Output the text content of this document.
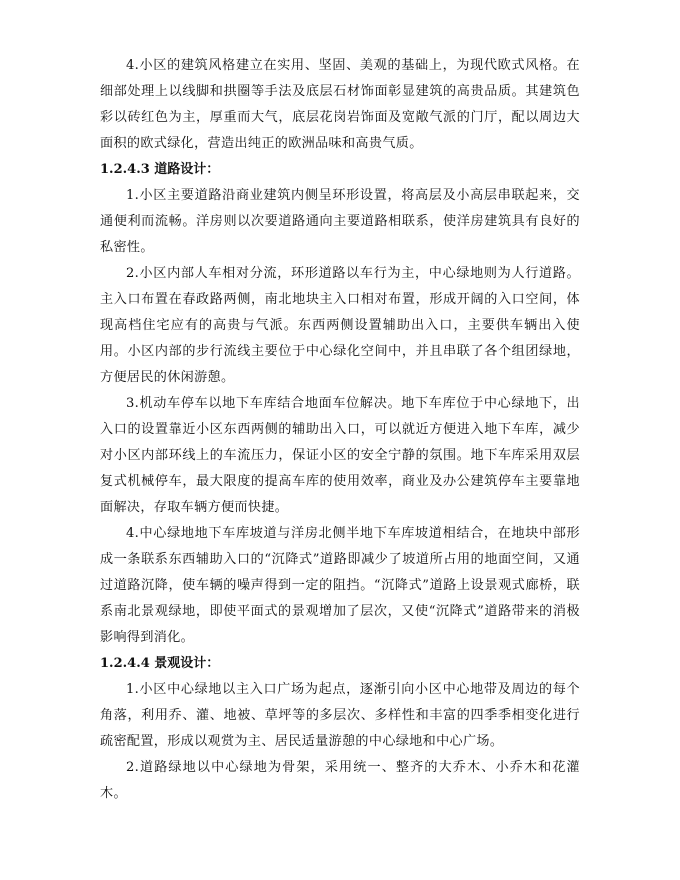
4.小区的建筑风格建立在实用、坚固、美观的基础上，为现代欧式风格。在细部处理上以线脚和拱圈等手法及底层石材饰面彰显建筑的高贵品质。其建筑色彩以砖红色为主，厚重而大气，底层花岗岩饰面及宽敞气派的门厅，配以周边大面积的欧式绿化，营造出纯正的欧洲品味和高贵气质。

1.2.4.3 道路设计：

1.小区主要道路沿商业建筑内侧呈环形设置，将高层及小高层串联起来，交通便利而流畅。洋房则以次要道路通向主要道路相联系，使洋房建筑具有良好的私密性。

2.小区内部人车相对分流，环形道路以车行为主，中心绿地则为人行道路。主入口布置在春政路两侧，南北地块主入口相对布置，形成开阔的入口空间，体现高档住宅应有的高贵与气派。东西两侧设置辅助出入口，主要供车辆出入使用。小区内部的步行流线主要位于中心绿化空间中，并且串联了各个组团绿地，方便居民的休闲游憩。

3.机动车停车以地下车库结合地面车位解决。地下车库位于中心绿地下，出入口的设置靠近小区东西两侧的辅助出入口，可以就近方便进入地下车库，减少对小区内部环线上的车流压力，保证小区的安全宁静的氛围。地下车库采用双层复式机械停车，最大限度的提高车库的使用效率，商业及办公建筑停车主要靠地面解决，存取车辆方便而快捷。

4.中心绿地地下车库坡道与洋房北侧半地下车库坡道相结合，在地块中部形成一条联系东西辅助入口的“沉降式”道路即减少了坡道所占用的地面空间，又通过道路沉降，使车辆的噪声得到一定的阻挡。“沉降式”道路上设景观式廊桥，联系南北景观绿地，即使平面式的景观增加了层次，又使“沉降式”道路带来的消极影响得到消化。

1.2.4.4 景观设计：

1.小区中心绿地以主入口广场为起点，逐渐引向小区中心地带及周边的每个角落，利用乔、灌、地被、草坪等的多层次、多样性和丰富的四季季相变化进行疏密配置，形成以观赏为主、居民适量游憩的中心绿地和中心广场。

2.道路绿地以中心绿地为骨架，采用统一、整齐的大乔木、小乔木和花灌木。
